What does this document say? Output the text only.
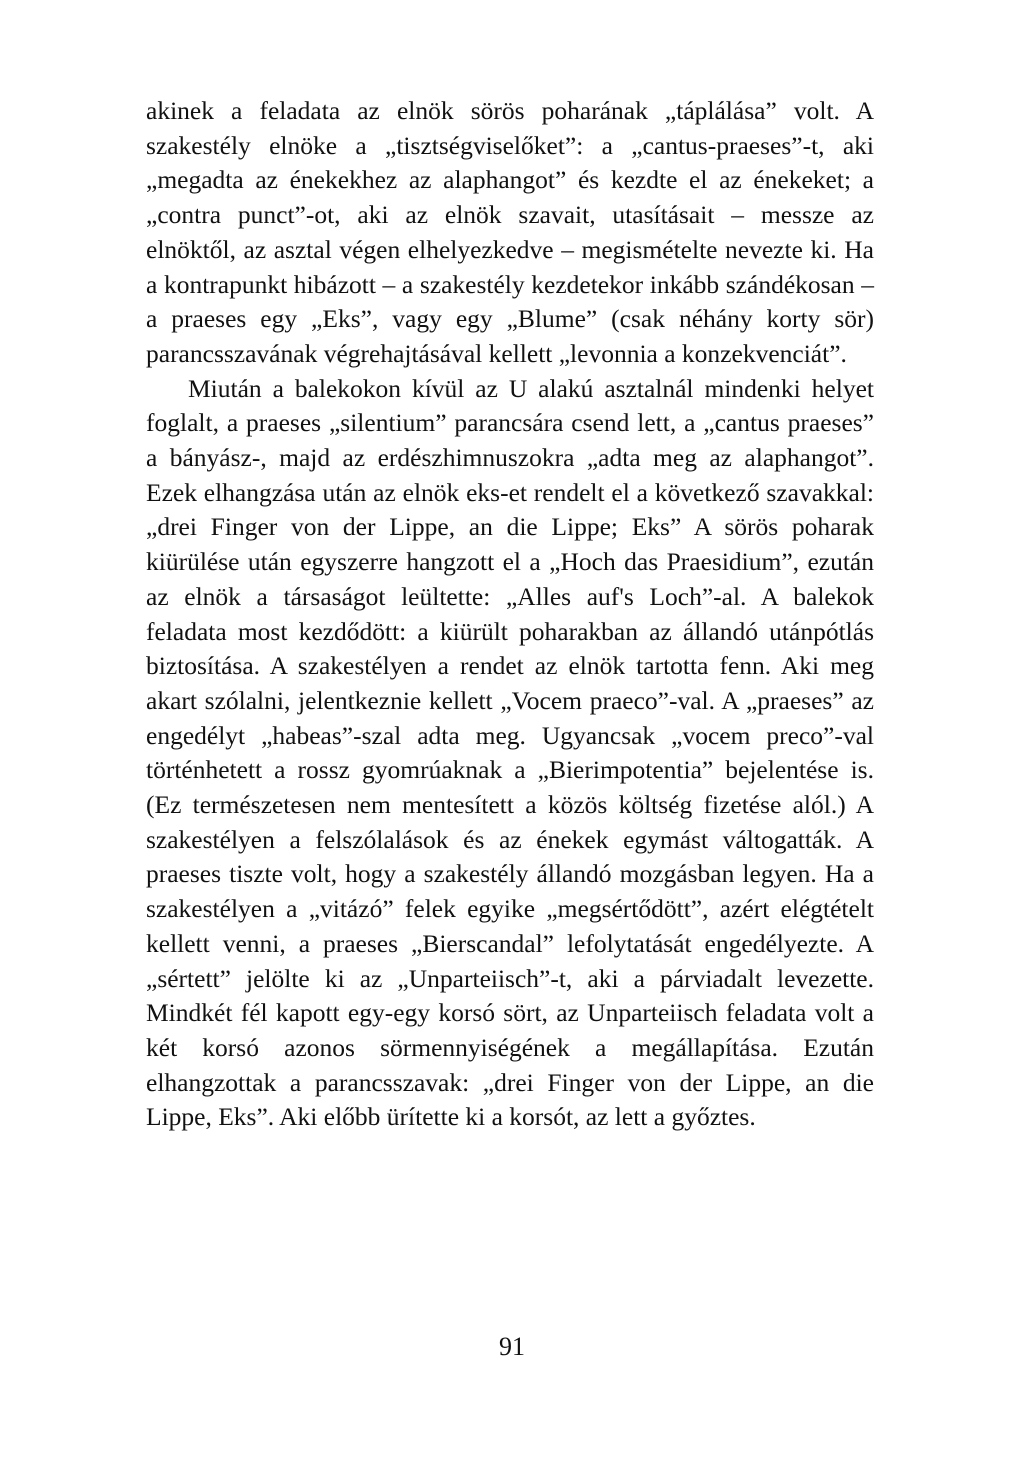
akinek a feladata az elnök sörös poharának „táplálása” volt. A szakestély elnöke a „tisztségviselőket”: a „cantus-praeses”-t, aki „megadta az énekekhez az alaphangot” és kezdte el az énekeket; a „contra punct”-ot, aki az elnök szavait, utasításait – messze az elnöktől, az asztal végen elhelyezkedve – megismételte nevezte ki. Ha a kontrapunkt hibázott – a szakestély kezdetekor inkább szándékosan – a praeses egy „Eks”, vagy egy „Blume” (csak néhány korty sör) parancsszavának végrehajtásával kellett „levonnia a konzekvenciát”.

Miután a balekokon kívül az U alakú asztalnál mindenki helyet foglalt, a praeses „silentium” parancsára csend lett, a „cantus praeses” a bányász-, majd az erdészhimnuszokra „adta meg az alaphangot”. Ezek elhangzása után az elnök eks-et rendelt el a következő szavakkal: „drei Finger von der Lippe, an die Lippe; Eks” A sörös poharak kiürülése után egyszerre hangzott el a „Hoch das Praesidium”, ezután az elnök a társaságot leültette: „Alles auf's Loch”-al. A balekok feladata most kezdődött: a kiürült poharakban az állandó utánpótlás biztosítása. A szakestélyen a rendet az elnök tartotta fenn. Aki meg akart szólalni, jelentkeznie kellett „Vocem praeco”-val. A „praeses” az engedélyt „habeas”-szal adta meg. Ugyancsak „vocem preco”-val történhetett a rossz gyomrúaknak a „Bierimpotentia” bejelentése is. (Ez természetesen nem mentesített a közös költség fizetése alól.) A szakestélyen a felszólalások és az énekek egymást váltogatták. A praeses tiszte volt, hogy a szakestély állandó mozgásban legyen. Ha a szakestélyen a „vitázó” felek egyike „megsértődött”, azért elégtételt kellett venni, a praeses „Bierscandal” lefolytatását engedélyezte. A „sértett” jelölte ki az „Unparteiisch”-t, aki a párviadalt levezette. Mindkét fél kapott egy-egy korsó sört, az Unparteiisch feladata volt a két korsó azonos sörmennyiségének a megállapítása. Ezután elhangzottak a parancsszavak: „drei Finger von der Lippe, an die Lippe, Eks”. Aki előbb ürítette ki a korsót, az lett a győztes.

91
